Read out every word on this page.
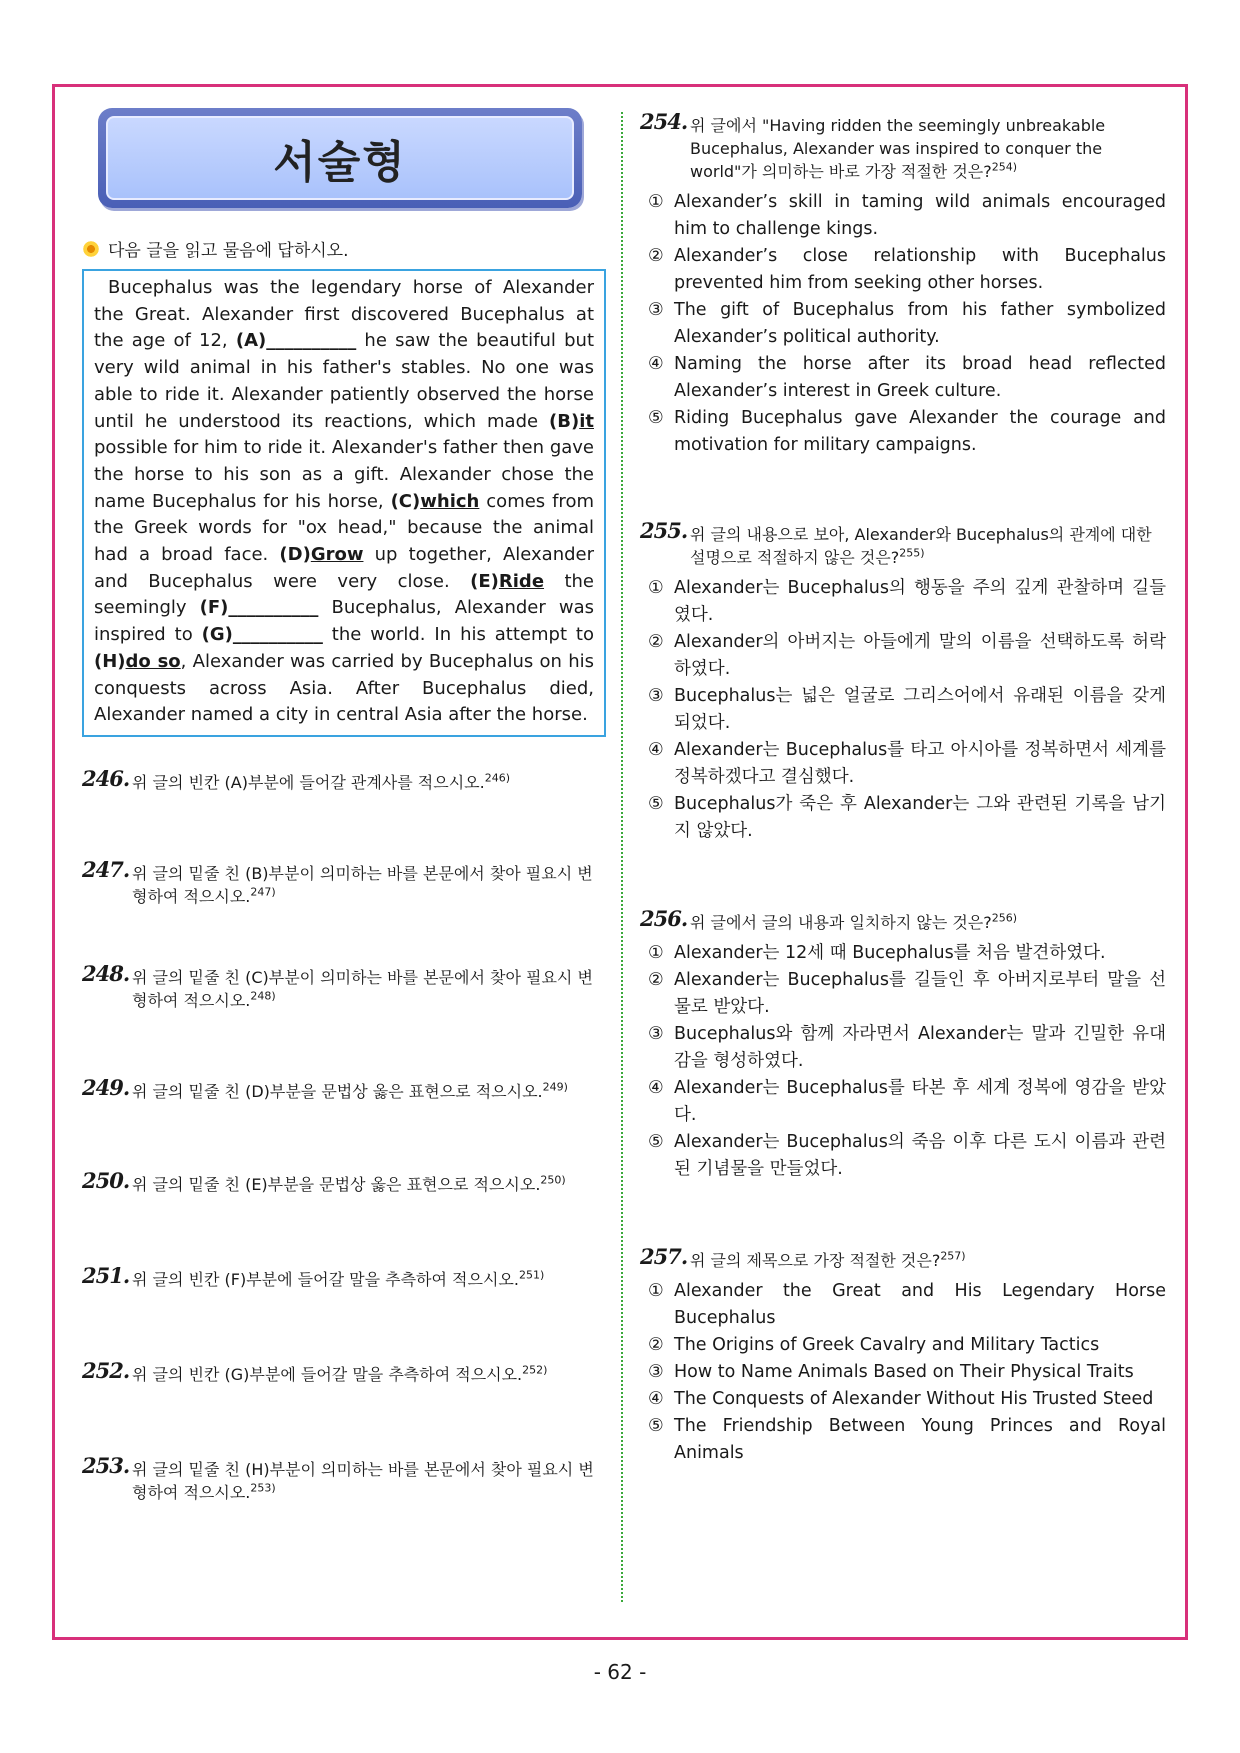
서술형
다음 글을 읽고 물음에 답하시오.

Bucephalus was the legendary horse of Alexander the Great. Alexander first discovered Bucephalus at the age of 12, (A)__________ he saw the beautiful but very wild animal in his father's stables. No one was able to ride it. Alexander patiently observed the horse until he understood its reactions, which made (B)it possible for him to ride it. Alexander's father then gave the horse to his son as a gift. Alexander chose the name Bucephalus for his horse, (C)which comes from the Greek words for "ox head," because the animal had a broad face. (D)Grow up together, Alexander and Bucephalus were very close. (E)Ride the seemingly (F)__________ Bucephalus, Alexander was inspired to (G)__________ the world. In his attempt to (H)do so, Alexander was carried by Bucephalus on his conquests across Asia. After Bucephalus died, Alexander named a city in central Asia after the horse.

246. 위 글의 빈칸 (A)부분에 들어갈 관계사를 적으시오.$^{246)}$
247. 위 글의 밑줄 친 (B)부분이 의미하는 바를 본문에서 찾아 필요시 변형하여 적으시오.$^{247)}$
248. 위 글의 밑줄 친 (C)부분이 의미하는 바를 본문에서 찾아 필요시 변형하여 적으시오.$^{248)}$
249. 위 글의 밑줄 친 (D)부분을 문법상 옳은 표현으로 적으시오.$^{249)}$
250. 위 글의 밑줄 친 (E)부분을 문법상 옳은 표현으로 적으시오.$^{250)}$
251. 위 글의 빈칸 (F)부분에 들어갈 말을 추측하여 적으시오.$^{251)}$
252. 위 글의 빈칸 (G)부분에 들어갈 말을 추측하여 적으시오.$^{252)}$
253. 위 글의 밑줄 친 (H)부분이 의미하는 바를 본문에서 찾아 필요시 변형하여 적으시오.$^{253)}$
254. 위 글에서 "Having ridden the seemingly unbreakable Bucephalus, Alexander was inspired to conquer the world"가 의미하는 바로 가장 적절한 것은?$^{254)}$
① Alexander’s skill in taming wild animals encouraged him to challenge kings.
② Alexander’s close relationship with Bucephalus prevented him from seeking other horses.
③ The gift of Bucephalus from his father symbolized Alexander’s political authority.
④ Naming the horse after its broad head reflected Alexander’s interest in Greek culture.
⑤ Riding Bucephalus gave Alexander the courage and motivation for military campaigns.
255. 위 글의 내용으로 보아, Alexander와 Bucephalus의 관계에 대한 설명으로 적절하지 않은 것은?$^{255)}$
① Alexander는 Bucephalus의 행동을 주의 깊게 관찰하며 길들였다.
② Alexander의 아버지는 아들에게 말의 이름을 선택하도록 허락하였다.
③ Bucephalus는 넓은 얼굴로 그리스어에서 유래된 이름을 갖게 되었다.
④ Alexander는 Bucephalus를 타고 아시아를 정복하면서 세계를 정복하겠다고 결심했다.
⑤ Bucephalus가 죽은 후 Alexander는 그와 관련된 기록을 남기지 않았다.
256. 위 글에서 글의 내용과 일치하지 않는 것은?$^{256)}$
① Alexander는 12세 때 Bucephalus를 처음 발견하였다.
② Alexander는 Bucephalus를 길들인 후 아버지로부터 말을 선물로 받았다.
③ Bucephalus와 함께 자라면서 Alexander는 말과 긴밀한 유대감을 형성하였다.
④ Alexander는 Bucephalus를 타본 후 세계 정복에 영감을 받았다.
⑤ Alexander는 Bucephalus의 죽음 이후 다른 도시 이름과 관련된 기념물을 만들었다.
257. 위 글의 제목으로 가장 적절한 것은?$^{257)}$
① Alexander the Great and His Legendary Horse Bucephalus
② The Origins of Greek Cavalry and Military Tactics
③ How to Name Animals Based on Their Physical Traits
④ The Conquests of Alexander Without His Trusted Steed
⑤ The Friendship Between Young Princes and Royal Animals
- 62 -
